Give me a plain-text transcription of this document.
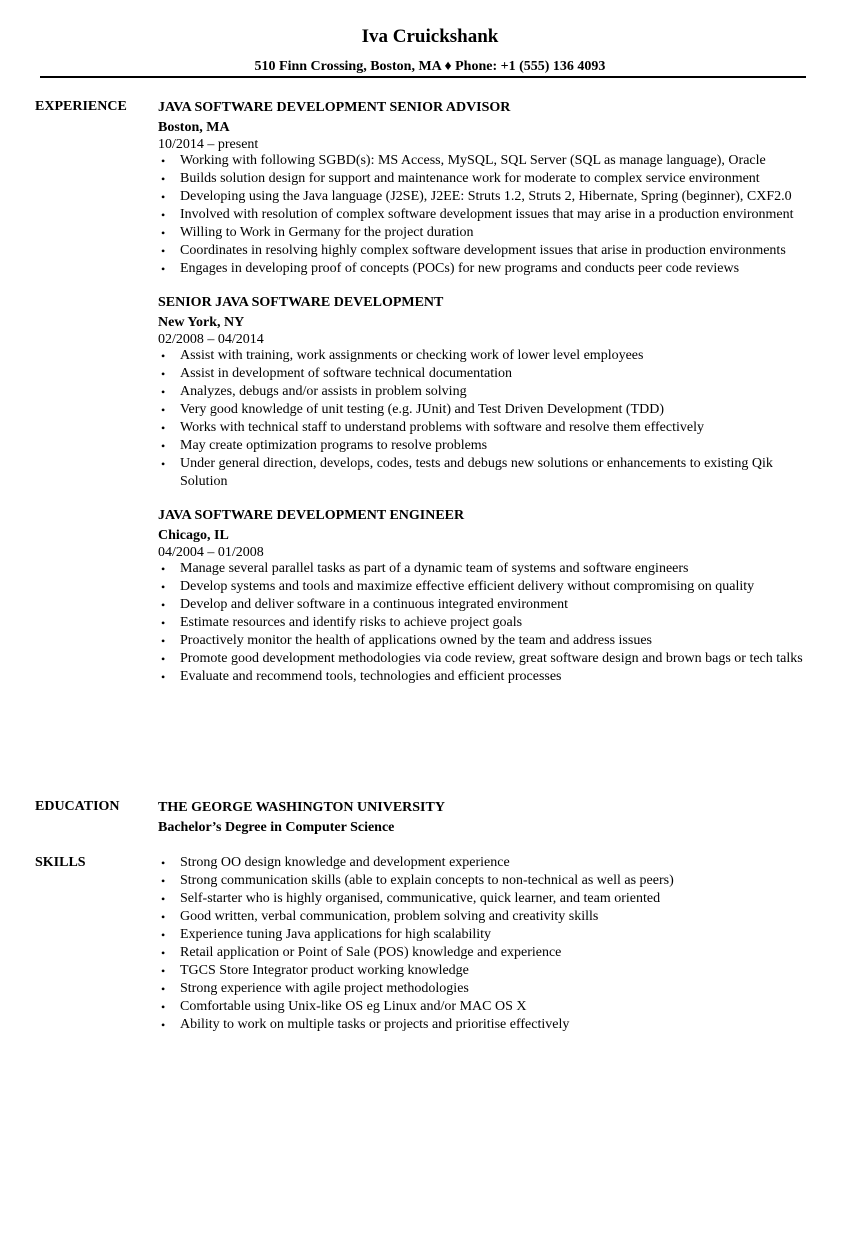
Iva Cruickshank
510 Finn Crossing, Boston, MA ♦ Phone: +1 (555) 136 4093
EXPERIENCE JAVA SOFTWARE DEVELOPMENT SENIOR ADVISOR
Boston, MA
10/2014 – present
• Working with following SGBD(s): MS Access, MySQL, SQL Server (SQL as manage language), Oracle
• Builds solution design for support and maintenance work for moderate to complex service environment
• Developing using the Java language (J2SE), J2EE: Struts 1.2, Struts 2, Hibernate, Spring (beginner), CXF2.0
• Involved with resolution of complex software development issues that may arise in a production environment
• Willing to Work in Germany for the project duration
• Coordinates in resolving highly complex software development issues that arise in production environments
• Engages in developing proof of concepts (POCs) for new programs and conducts peer code reviews
SENIOR JAVA SOFTWARE DEVELOPMENT
New York, NY
02/2008 – 04/2014
• Assist with training, work assignments or checking work of lower level employees
• Assist in development of software technical documentation
• Analyzes, debugs and/or assists in problem solving
• Very good knowledge of unit testing (e.g. JUnit) and Test Driven Development (TDD)
• Works with technical staff to understand problems with software and resolve them effectively
• May create optimization programs to resolve problems
• Under general direction, develops, codes, tests and debugs new solutions or enhancements to existing Qik Solution
JAVA SOFTWARE DEVELOPMENT ENGINEER
Chicago, IL
04/2004 – 01/2008
• Manage several parallel tasks as part of a dynamic team of systems and software engineers
• Develop systems and tools and maximize effective efficient delivery without compromising on quality
• Develop and deliver software in a continuous integrated environment
• Estimate resources and identify risks to achieve project goals
• Proactively monitor the health of applications owned by the team and address issues
• Promote good development methodologies via code review, great software design and brown bags or tech talks
• Evaluate and recommend tools, technologies and efficient processes
EDUCATION	THE GEORGE WASHINGTON UNIVERSITY
Bachelor’s Degree in Computer Science
SKILLS
•	Strong OO design knowledge and development experience
• Strong communication skills (able to explain concepts to non-technical as well as peers)
• Self-starter who is highly organised, communicative, quick learner, and team oriented
• Good written, verbal communication, problem solving and creativity skills
• Experience tuning Java applications for high scalability
• Retail application or Point of Sale (POS) knowledge and experience
• TGCS Store Integrator product working knowledge
• Strong experience with agile project methodologies
• Comfortable using Unix-like OS eg Linux and/or MAC OS X
• Ability to work on multiple tasks or projects and prioritise effectively
